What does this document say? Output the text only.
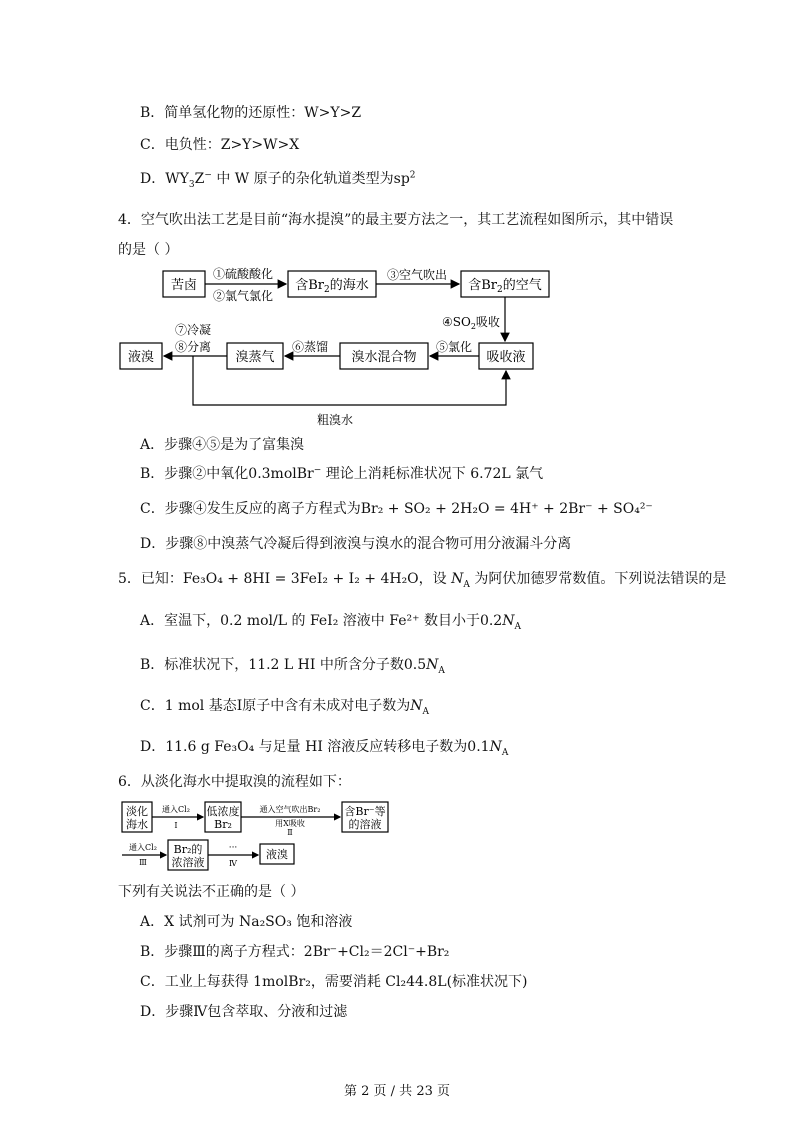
B．简单氢化物的还原性：W>Y>Z
C．电负性：Z>Y>W>X
D．$WY_3Z^-$ 中 W 原子的杂化轨道类型为$sp^2$
4．空气吹出法工艺是目前“海水提溴”的最主要方法之一，其工艺流程如图所示，其中错误
的是（ ）
苦卤	含$Br_2$的海水	含$Br_2$的空气
①硫酸酸化
②氯气氯化
③空气吹出
$④SO_2$吸收
吸收液
溴水混合物
溴蒸气
液溴
⑤氯化
⑥蒸馏
⑦冷凝
⑧分离
粗溴水
A．步骤④⑤是为了富集溴
B．步骤②中氧化0.3molBr− 理论上消耗标准状况下 6.72L 氯气
C．步骤④发生反应的离子方程式为Br₂ + SO₂ + 2H₂O = 4H⁺ + 2Br⁻ + SO₄²⁻
D．步骤⑧中溴蒸气冷凝后得到液溴与溴水的混合物可用分液漏斗分离
5．已知：Fe₃O₄ + 8HI = 3FeI₂ + I₂ + 4H₂O，设 $N_A$ 为阿伏加德罗常数值。下列说法错误的是
A．室温下，0.2 mol/L 的 FeI₂ 溶液中 Fe²⁺ 数目小于$0.2N_A$
B．标准状况下，11.2 L HI 中所含分子数$0.5N_A$
C．1 mol 基态I原子中含有未成对电子数为$N_A$
D．11.6 g Fe₃O₄ 与足量 HI 溶液反应转移电子数为$0.1N_A$
6．从淡化海水中提取溴的流程如下：
淡化
海水
通入Cl₂
Ⅰ
低浓度
Br₂
通入空气吹出Br₂
用X吸收
Ⅱ
含Br⁻等
的溶液
通入Cl₂
Ⅲ
Br₂的
浓溶液
···
Ⅳ
液溴
下列有关说法不正确的是（ ）
A．X 试剂可为 Na₂SO₃ 饱和溶液
B．步骤Ⅲ的离子方程式：2Br⁻+Cl₂＝2Cl⁻+Br₂
C．工业上每获得 1molBr₂，需要消耗 Cl₂44.8L(标准状况下)
D．步骤Ⅳ包含萃取、分液和过滤
第 2 页 / 共 23 页
